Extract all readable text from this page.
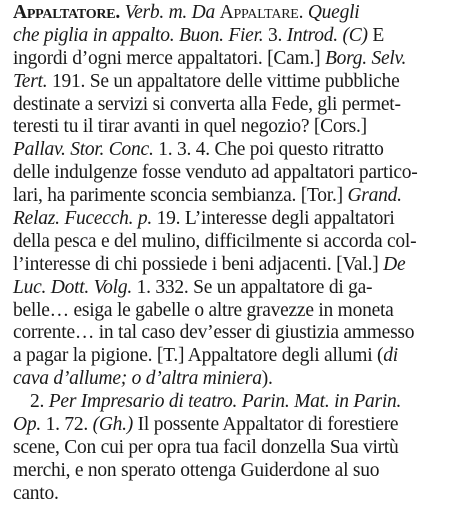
Appaltatore. Verb. m. Da Appaltare. Quegli
che piglia in appalto. Buon. Fier. 3. Introd. (C) E
ingordi d’ogni merce appaltatori. [Cam.] Borg. Selv.
Tert. 191. Se un appaltatore delle vittime pubbliche
destinate a servizi si converta alla Fede, gli permet-
teresti tu il tirar avanti in quel negozio? [Cors.]
Pallav. Stor. Conc. 1. 3. 4. Che poi questo ritratto
delle indulgenze fosse venduto ad appaltatori partico-
lari, ha parimente sconcia sembianza. [Tor.] Grand.
Relaz. Fucecch. p. 19. L’interesse degli appaltatori
della pesca e del mulino, difficilmente si accorda col-
l’interesse di chi possiede i beni adjacenti. [Val.] De
Luc. Dott. Volg. 1. 332. Se un appaltatore di ga-
belle… esiga le gabelle o altre gravezze in moneta
corrente… in tal caso dev’esser di giustizia ammesso
a pagar la pigione. [T.] Appaltatore degli allumi (di
cava d’allume; o d’altra miniera).
2. Per Impresario di teatro. Parin. Mat. in Parin.
Op. 1. 72. (Gh.) Il possente Appaltator di forestiere
scene, Con cui per opra tua facil donzella Sua virtù
merchi, e non sperato ottenga Guiderdone al suo
canto.
